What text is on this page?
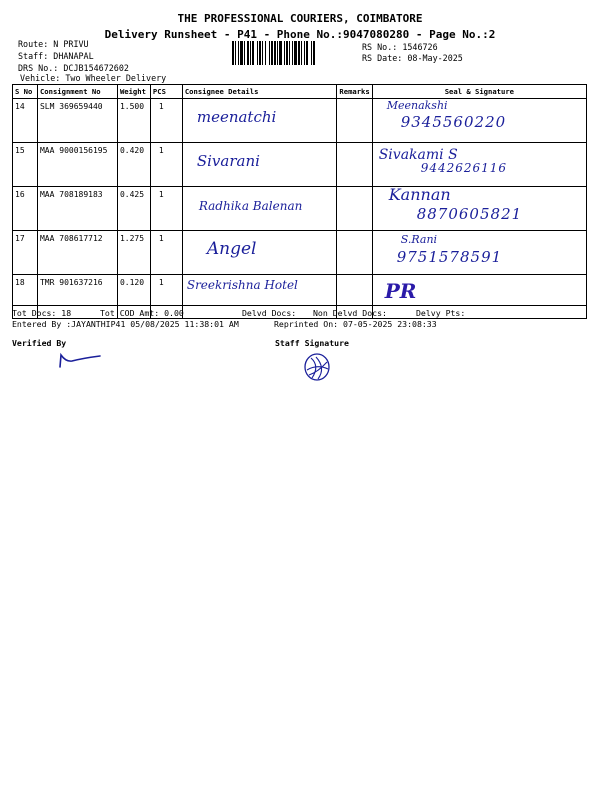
THE PROFESSIONAL COURIERS, COIMBATORE
Delivery Runsheet - P41 - Phone No.:9047080280 - Page No.:2
Route: N PRIVU
Staff: DHANAPAL
DRS No.: DCJB154672602
Vehicle: Two Wheeler Delivery
RS No.: 1546726
RS Date: 08-May-2025
S No	Consignment No	Weight	PCS	Consignee Details	Remarks	Seal & Signature
14	SLM 369659440	1.500	1	meenatchi		Meenakshi
9345560220

15	MAA 9000156195	0.420	1	Sivarani		Sivakami S
9442626116

16	MAA 708189183	0.425	1	Radhika Balenan		Kannan
8870605821

17	MAA 708617712	1.275	1	Angel		S.Rani
9751578591

18	TMR 901637216	0.120	1	Sreekrishna Hotel		PR
Tot Docs: 18	Tot COD Amt: 0.00	Delvd Docs: Non Delvd Docs:	Delvy Pts:
Entered By :JAYANTHIP41 05/08/2025 11:38:01 AM	Reprinted On: 07-05-2025 23:08:33
Verified By	Staff Signature
